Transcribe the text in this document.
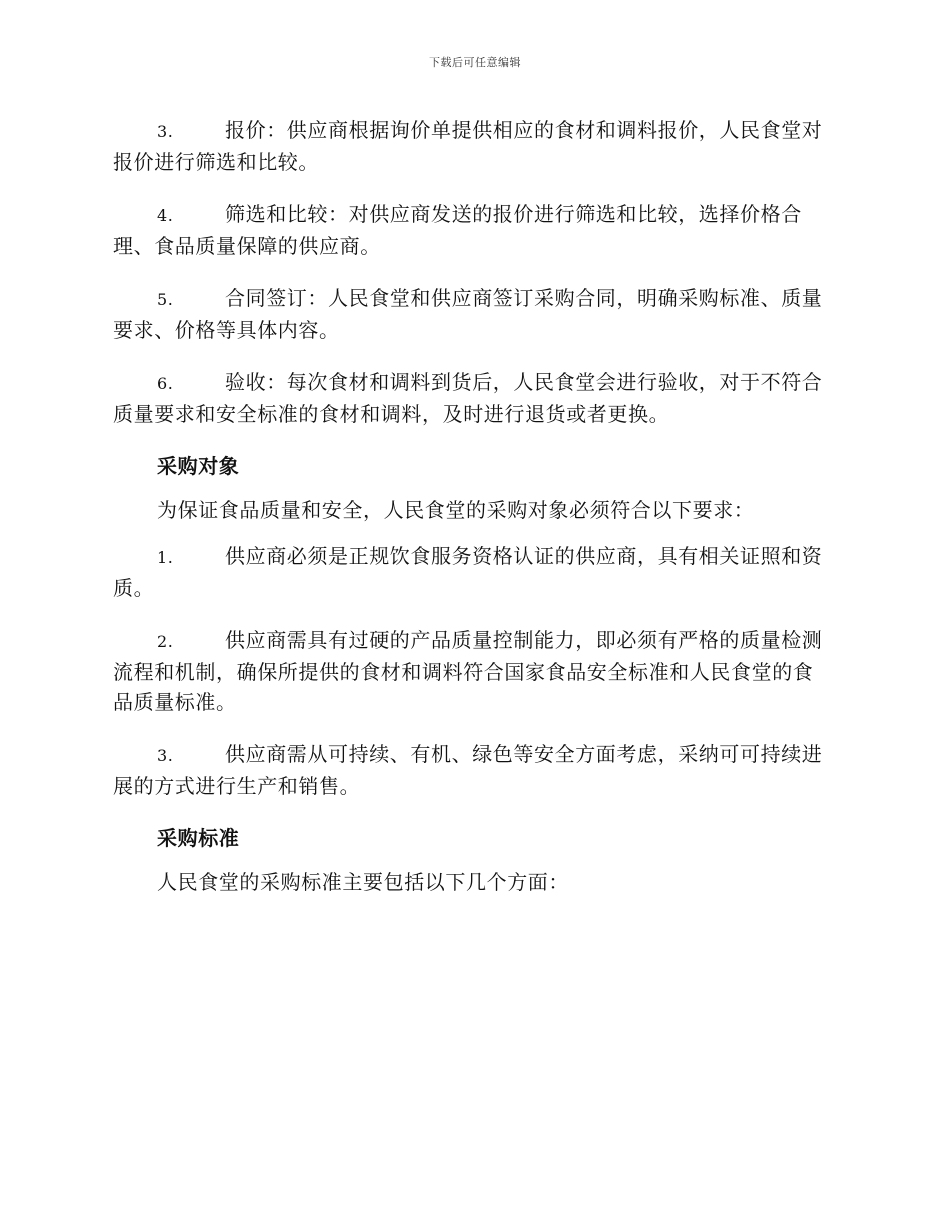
下载后可任意编辑

3.	报价：供应商根据询价单提供相应的食材和调料报价，人民食堂对报价进行筛选和比较。

4.	筛选和比较：对供应商发送的报价进行筛选和比较，选择价格合理、食品质量保障的供应商。

5.	合同签订：人民食堂和供应商签订采购合同，明确采购标准、质量要求、价格等具体内容。

6.	验收：每次食材和调料到货后，人民食堂会进行验收，对于不符合质量要求和安全标准的食材和调料，及时进行退货或者更换。

采购对象

为保证食品质量和安全，人民食堂的采购对象必须符合以下要求：

1.	供应商必须是正规饮食服务资格认证的供应商，具有相关证照和资质。

2.	供应商需具有过硬的产品质量控制能力，即必须有严格的质量检测流程和机制，确保所提供的食材和调料符合国家食品安全标准和人民食堂的食品质量标准。

3.	供应商需从可持续、有机、绿色等安全方面考虑，采纳可可持续进展的方式进行生产和销售。

采购标准

人民食堂的采购标准主要包括以下几个方面：
